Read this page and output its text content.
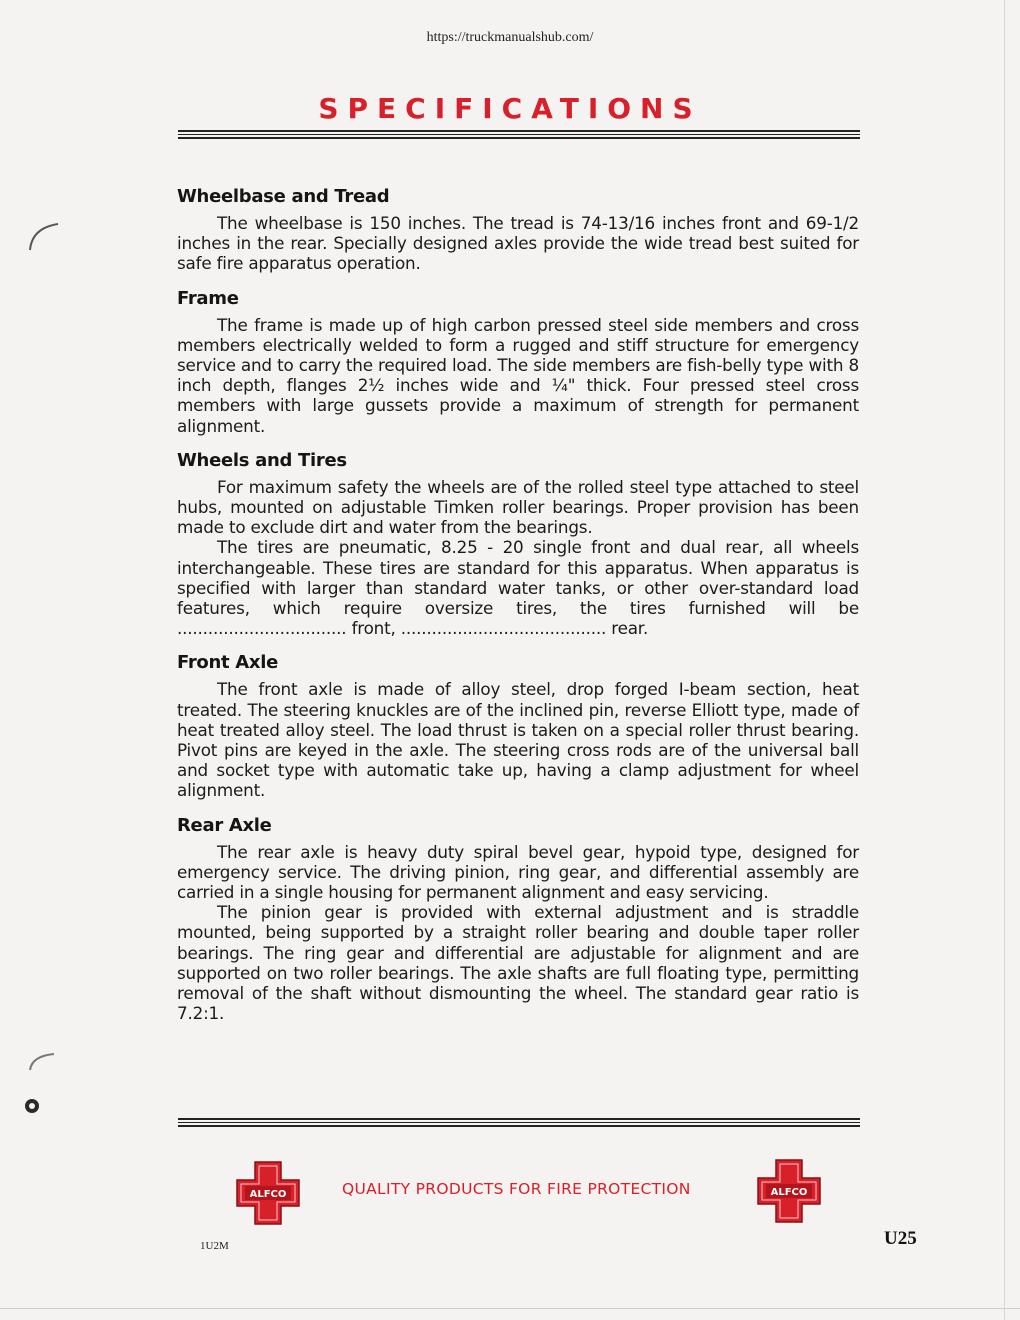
https://truckmanualshub.com/
SPECIFICATIONS
Wheelbase and Tread

The wheelbase is 150 inches. The tread is 74-13/16 inches front and 69-1/2 inches in the rear. Specially designed axles provide the wide tread best suited for safe fire apparatus operation.

Frame

The frame is made up of high carbon pressed steel side members and cross members electrically welded to form a rugged and stiff structure for emergency service and to carry the required load. The side members are fish-belly type with 8 inch depth, flanges 2½ inches wide and ¼" thick. Four pressed steel cross members with large gussets provide a maximum of strength for permanent alignment.

Wheels and Tires

For maximum safety the wheels are of the rolled steel type attached to steel hubs, mounted on adjustable Timken roller bearings. Proper provision has been made to exclude dirt and water from the bearings.

The tires are pneumatic, 8.25 - 20 single front and dual rear, all wheels interchangeable. These tires are standard for this apparatus. When apparatus is specified with larger than standard water tanks, or other over-standard load features, which require oversize tires, the tires furnished will be ................................. front, ........................................ rear.

Front Axle

The front axle is made of alloy steel, drop forged I-beam section, heat treated. The steering knuckles are of the inclined pin, reverse Elliott type, made of heat treated alloy steel. The load thrust is taken on a special roller thrust bearing. Pivot pins are keyed in the axle. The steering cross rods are of the universal ball and socket type with automatic take up, having a clamp adjustment for wheel alignment.

Rear Axle

The rear axle is heavy duty spiral bevel gear, hypoid type, designed for emergency service. The driving pinion, ring gear, and differential assembly are carried in a single housing for permanent alignment and easy servicing.

The pinion gear is provided with external adjustment and is straddle mounted, being supported by a straight roller bearing and double taper roller bearings. The ring gear and differential are adjustable for alignment and are supported on two roller bearings. The axle shafts are full floating type, permitting removal of the shaft without dismounting the wheel. The standard gear ratio is 7.2:1.

ALFCO	QUALITY PRODUCTS FOR FIRE PROTECTION	ALFCO
1U2M	U25
